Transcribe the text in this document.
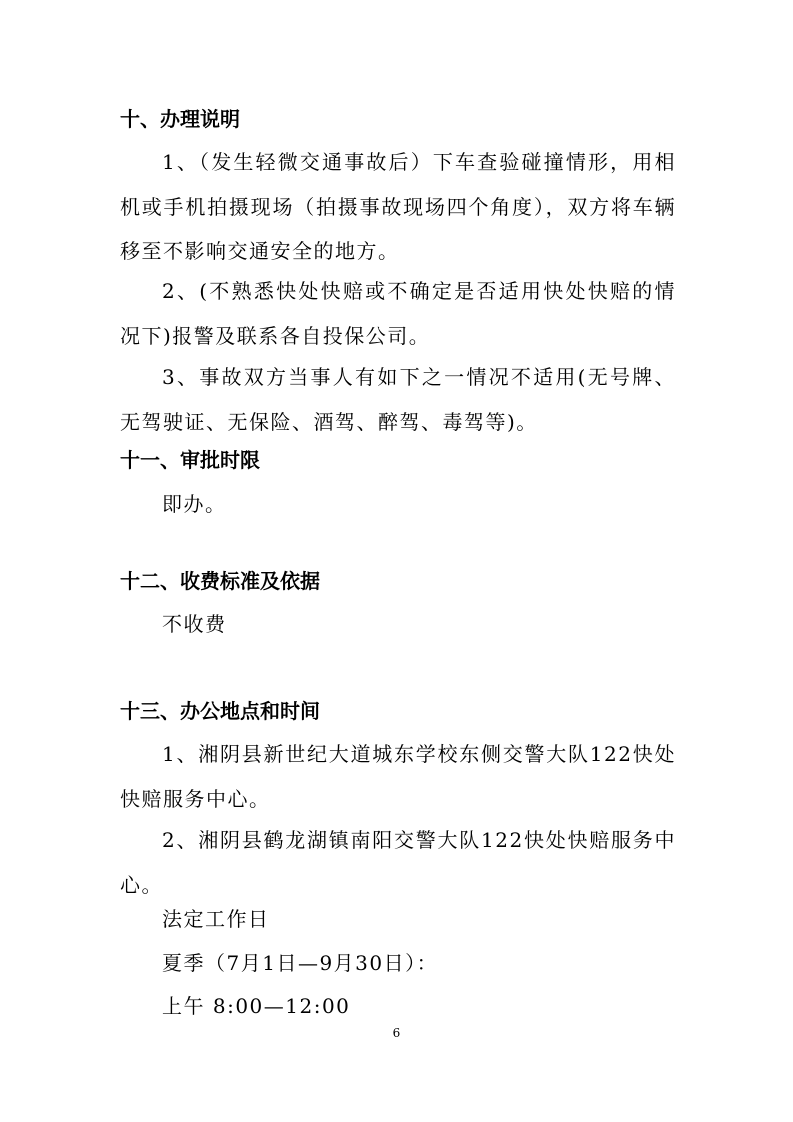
十、办理说明
1、（发生轻微交通事故后）下车查验碰撞情形，用相机或手机拍摄现场（拍摄事故现场四个角度），双方将车辆移至不影响交通安全的地方。
2、(不熟悉快处快赔或不确定是否适用快处快赔的情况下)报警及联系各自投保公司。
3、事故双方当事人有如下之一情况不适用(无号牌、无驾驶证、无保险、酒驾、醉驾、毒驾等)。
十一、审批时限
即办。
十二、收费标准及依据
不收费
十三、办公地点和时间
1、湘阴县新世纪大道城东学校东侧交警大队122快处快赔服务中心。
2、湘阴县鹤龙湖镇南阳交警大队122快处快赔服务中心。
法定工作日
夏季（7月1日—9月30日）：
上午 8:00—12:00
6
